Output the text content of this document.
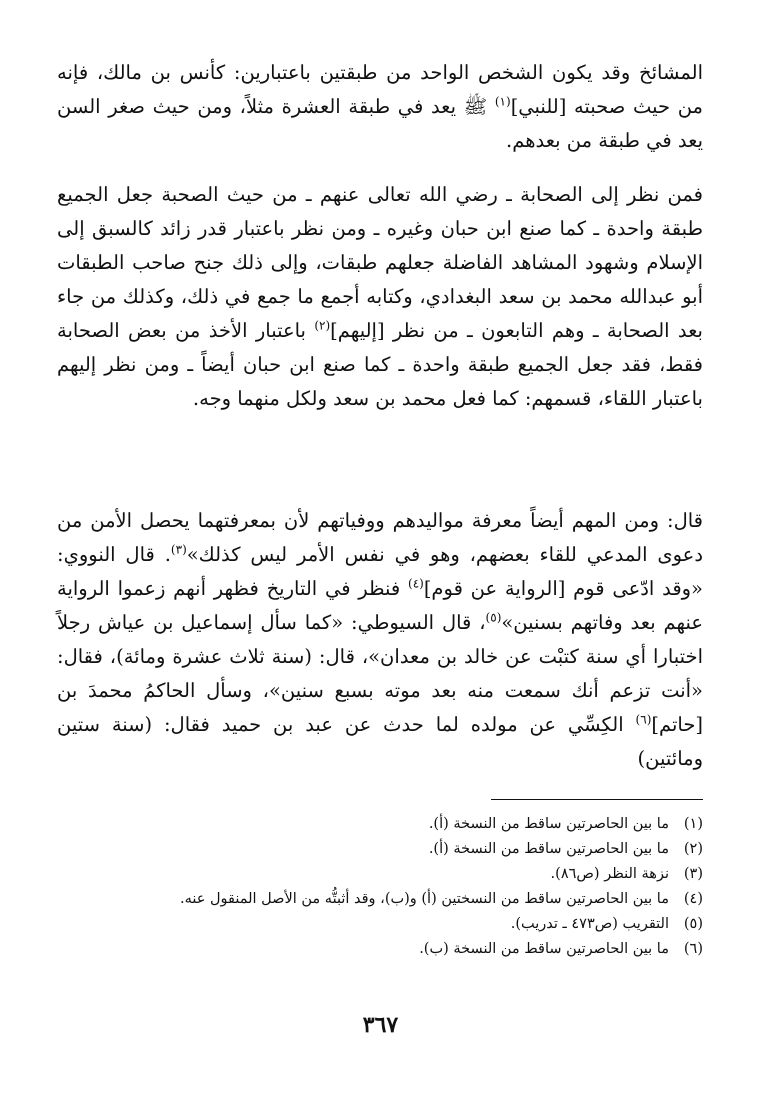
المشائخ وقد يكون الشخص الواحد من طبقتين باعتبارين: كأنس بن مالك، فإنه من حيث صحبته [للنبي]$^{(١)}$ ﷺ يعد في طبقة العشرة مثلاً، ومن حيث صغر السن يعد في طبقة من بعدهم.

فمن نظر إلى الصحابة ـ رضي الله تعالى عنهم ـ من حيث الصحبة جعل الجميع طبقة واحدة ـ كما صنع ابن حبان وغيره ـ ومن نظر باعتبار قدر زائد كالسبق إلى الإسلام وشهود المشاهد الفاضلة جعلهم طبقات، وإلى ذلك جنح صاحب الطبقات أبو عبدالله محمد بن سعد البغدادي، وكتابه أجمع ما جمع في ذلك، وكذلك من جاء بعد الصحابة ـ وهم التابعون ـ من نظر [إليهم]$^{(٢)}$ باعتبار الأخذ من بعض الصحابة فقط، فقد جعل الجميع طبقة واحدة ـ كما صنع ابن حبان أيضاً ـ ومن نظر إليهم باعتبار اللقاء، قسمهم: كما فعل محمد بن سعد ولكل منهما وجه.

قال: ومن المهم أيضاً معرفة مواليدهم ووفياتهم لأن بمعرفتهما يحصل الأمن من دعوى المدعي للقاء بعضهم، وهو في نفس الأمر ليس كذلك»$^{(٣)}$. قال النووي: «وقد ادّعى قوم [الرواية عن قوم]$^{(٤)}$ فنظر في التاريخ فظهر أنهم زعموا الرواية عنهم بعد وفاتهم بسنين»$^{(٥)}$، قال السيوطي: «كما سأل إسماعيل بن عياش رجلاً اختبارا أي سنة كتبْت عن خالد بن معدان»، قال: (سنة ثلاث عشرة ومائة)، فقال: «أنت تزعم أنك سمعت منه بعد موته بسبع سنين»، وسأل الحاكمُ محمدَ بن [حاتم]$^{(٦)}$ الكِسِّي عن مولده لما حدث عن عبد بن حميد فقال: (سنة ستين ومائتين)

(١)
ما بين الحاصرتين ساقط من النسخة (أ).
(٢)
ما بين الحاصرتين ساقط من النسخة (أ).
(٣)
نزهة النظر (ص٨٦).
(٤)
ما بين الحاصرتين ساقط من النسختين (أ) و(ب)، وقد أثبتُّه من الأصل المنقول عنه.
(٥)
التقريب (ص٤٧٣ ـ تدريب).
(٦)
ما بين الحاصرتين ساقط من النسخة (ب).
٣٦٧
